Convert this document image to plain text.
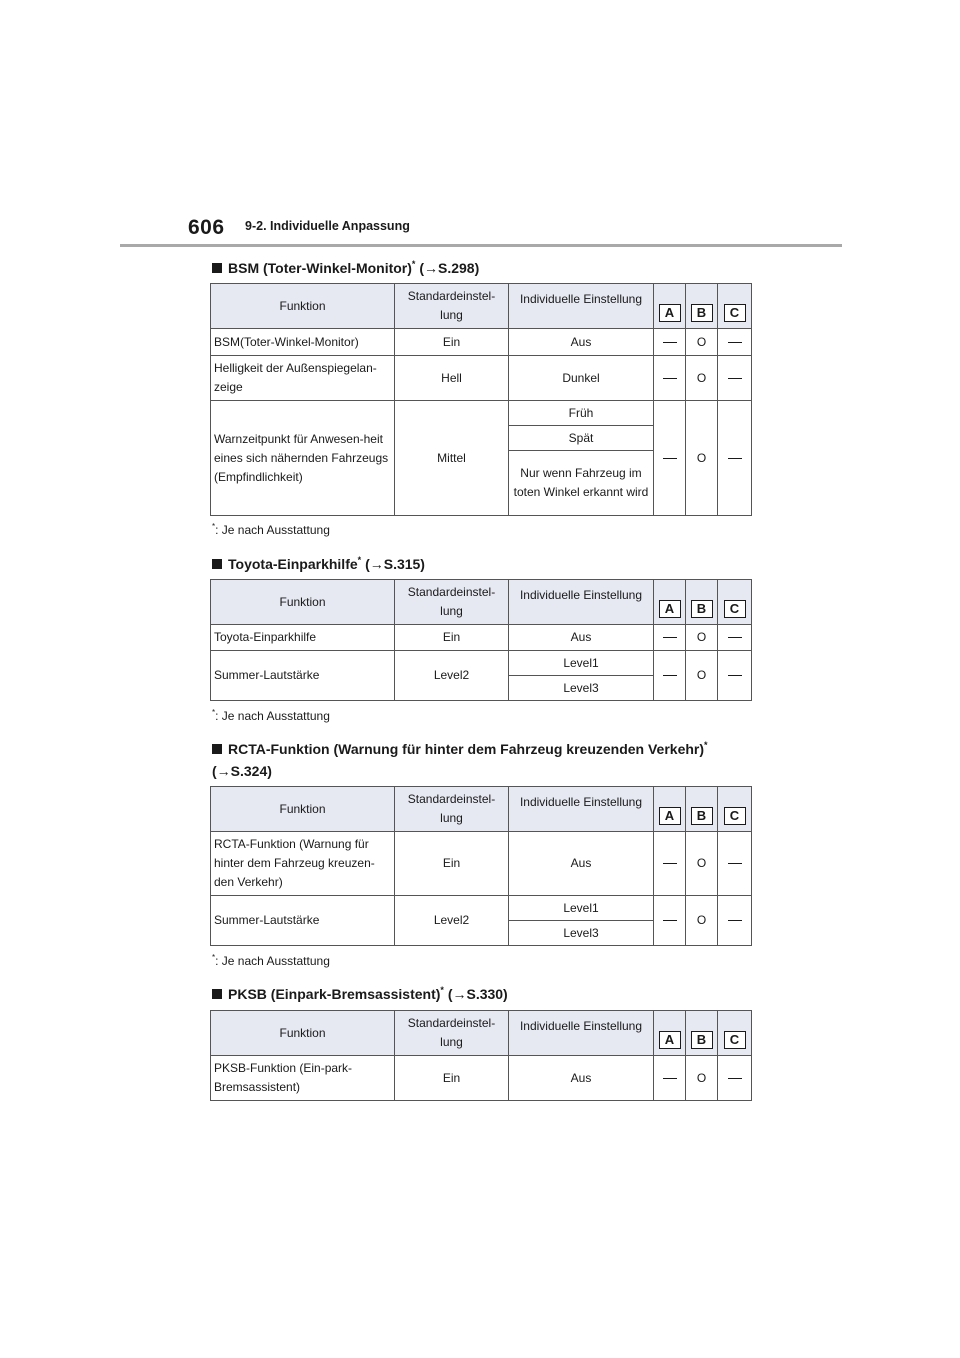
606 9-2. Individuelle Anpassung
BSM (Toter-Winkel-Monitor)* (→S.298)
Funktion	Standardeinstel-lung	Individuelle Einstellung	A	B	C
BSM(Toter-Winkel-Monitor)	Ein	Aus		O	
Helligkeit der Außenspiegelan-zeige	Hell	Dunkel		O	
Warnzeitpunkt für Anwesen-heit eines sich nähernden Fahrzeugs (Empfindlichkeit)	Mittel	Früh		O	
		Spät			
		Nur wenn Fahrzeug im toten Winkel erkannt wird			
*: Je nach Ausstattung
Toyota-Einparkhilfe* (→S.315)
Funktion	Standardeinstel-lung	Individuelle Einstellung	A	B	C
Toyota-Einparkhilfe	Ein	Aus		O	
Summer-Lautstärke	Level2	Level1		O	
		Level3			
*: Je nach Ausstattung
RCTA-Funktion (Warnung für hinter dem Fahrzeug kreuzenden Verkehr)*
(→S.324)
Funktion	Standardeinstel-lung	Individuelle Einstellung	A	B	C
RCTA-Funktion (Warnung für hinter dem Fahrzeug kreuzen-den Verkehr)	Ein	Aus		O	
Summer-Lautstärke	Level2	Level1		O	
		Level3			
*: Je nach Ausstattung
PKSB (Einpark-Bremsassistent)* (→S.330)
Funktion	Standardeinstel-lung	Individuelle Einstellung	A	B	C
PKSB-Funktion (Ein-park-Bremsassistent)	Ein	Aus		O	
